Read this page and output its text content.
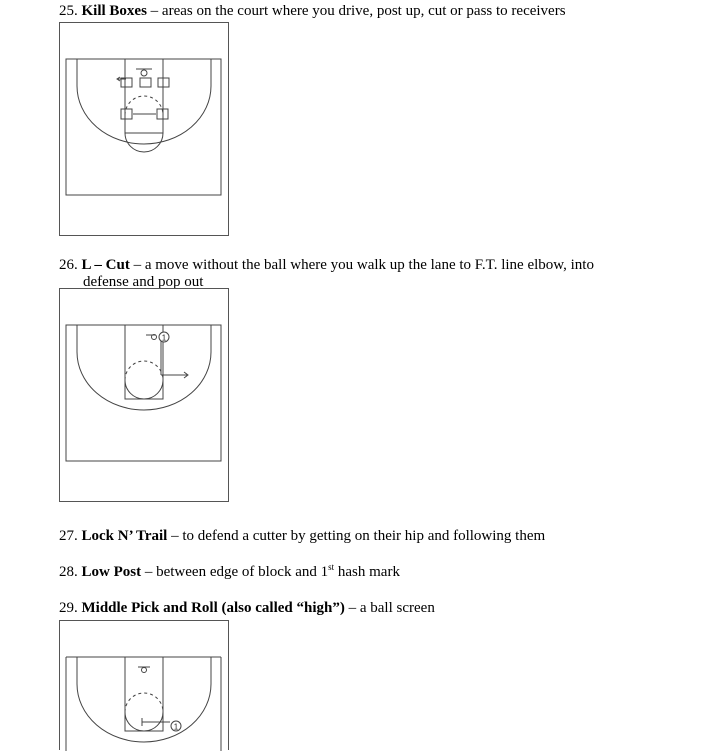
25. Kill Boxes – areas on the court where you drive, post up, cut or pass to receivers
26. L – Cut – a move without the ball where you walk up the lane to F.T. line elbow, into
defense and pop out
1
27. Lock N’ Trail – to defend a cutter by getting on their hip and following them
28. Low Post – between edge of block and 1st hash mark
29. Middle Pick and Roll (also called “high”) – a ball screen
1
